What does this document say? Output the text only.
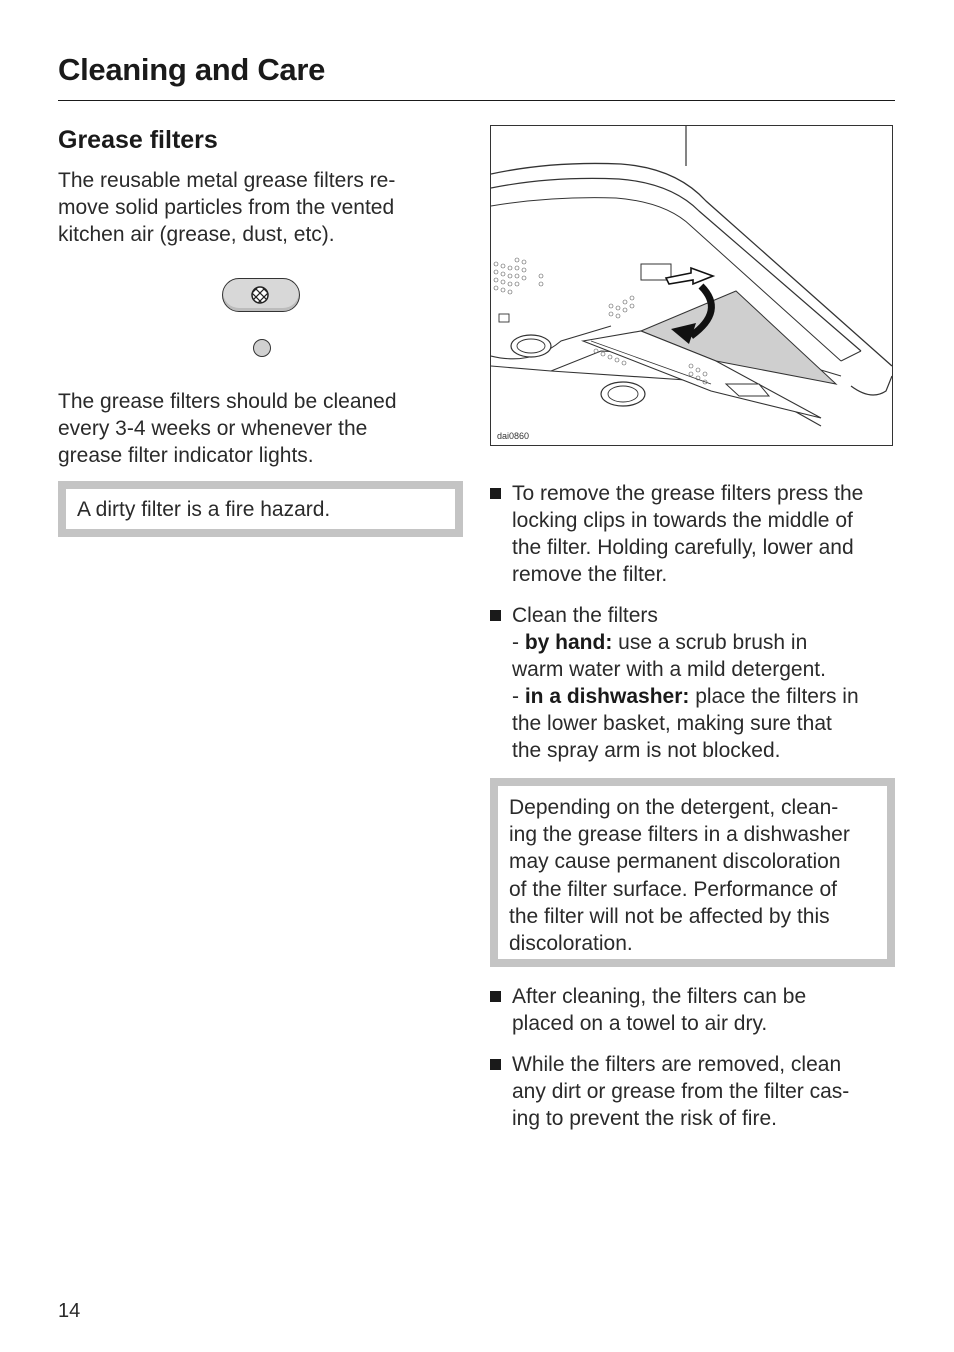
Cleaning and Care
Grease filters

The reusable metal grease filters re-
move solid particles from the vented
kitchen air (grease, dust, etc).

The grease filters should be cleaned
every 3-4 weeks or whenever the
grease filter indicator lights.

A dirty filter is a fire hazard.
dai0860
To remove the grease filters press the
locking clips in towards the middle of
the filter. Holding carefully, lower and
remove the filter.
Clean the filters
- by hand: use a scrub brush in
warm water with a mild detergent.
- in a dishwasher: place the filters in
the lower basket, making sure that
the spray arm is not blocked.

Depending on the detergent, clean-
ing the grease filters in a dishwasher
may cause permanent discoloration
of the filter surface. Performance of
the filter will not be affected by this
discoloration.

After cleaning, the filters can be
placed on a towel to air dry.
While the filters are removed, clean
any dirt or grease from the filter cas-
ing to prevent the risk of fire.
14
